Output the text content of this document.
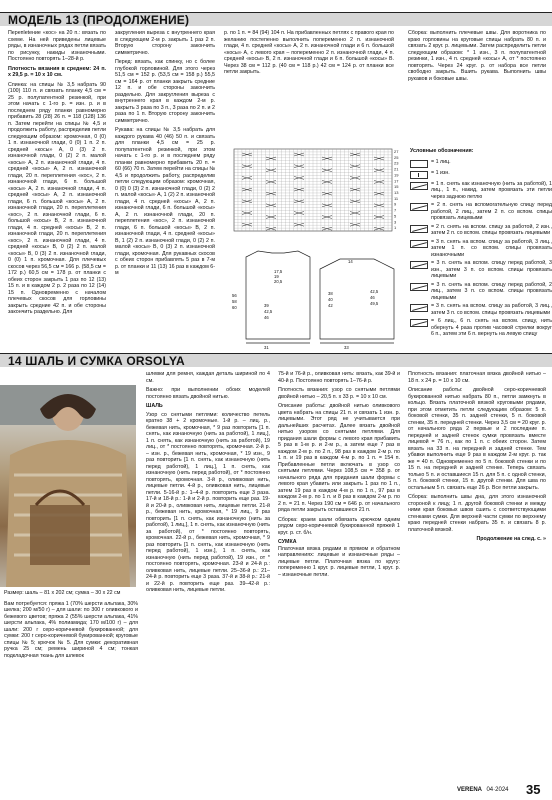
МОДЕЛЬ 13 (ПРОДОЛЖЕНИЕ)

Перепletение «кос» на 20 п.: вязать по схеме. На ней приведены лицевые ряды, в изнаночных рядах петли вязать по рисунку, накиды изнаночными. Постоянно повторять 1–28-й р.

Плотность вязания в среднем: 24 п. х 29,5 р. = 10 х 10 см.

Спинка: на спицы № 3,5 набрать 90 (100) 110 п. и связать планку 4,5 см = 25 р. полупатентной резинкой, при этом начать с 1-го р. = изн. р. и в последнем ряду планки равномерно прибавить 28 (28) 26 п. = 118 (128) 136 п. Затем перейти на спицы № 4,5 и продолжить работу, распределив петли следующим образом: кромочная, 0 (0) 1 п. изнаночной глади, 0 (0) 1 п. 2 п. средней «косы» А, 0 (3) 2 п. изнаночной глади, 0 (2) 2 п. малой «косы» А, 2 п. изнаночной глади, 4 п. средней «косы» А, 2 п. изнаночной глади, 20 п. переплетения «кос», 2 п. изнаночной глади, 6 п. большой «косы» А, 2 п. изнаночной глади, 4 п. средней «косы» А, 2 п. изнаночной глади, 6 п. большой «косы» А, 2 п. изнаночной глади, 20 п. переплетения «кос», 2 п. изнаночной глади, 6 п. большой «косы» В, 2 п. изнаночной глади, 4 п. средней «косы» В, 2 п. изнаночной глади, 20 п. переплетения «кос», 2 п. изнаночной глади, 4 п. средней «косы» В, 0 (2) 2 п. малой «косы» В, 0 (3) 2 п. изнаночной глади, 0 (0) 1 п. кромочная. Для плечевых скосов через 56,5 см = 166 р. (58,5 см = 172 р.) 60,5 см = 178 р. от планки с обеих сторон закрыть 1 раз по 12 (13) 15 п. и в каждом 2 р. 2 раза по 12 (14) 15 п. Одновременно с началом плечевых скосов для горловины закрыть средние 42 п. и обе стороны закончить раздельно. Для

закругления выреза с внутреннего края в следующем 2-м р. закрыть 1 раз 2 п. Вторую сторону закончить симметрично.

Перед: вязать, как спинку, но с более глубокой горловиной. Для этого через 51,5 см = 152 р. (53,5 см = 158 р.) 55,5 см = 164 р. от планки закрыть средние 12 п. и обе стороны закончить раздельно. Для закругления выреза с внутреннего края в каждом 2-м р. закрыть 3 раза по 3 п., 3 раза по 2 п. и 2 раза по 1 п. Вторую сторону закончить симметрично.

Рукава: на спицы № 3,5 набрать для каждого рукава 40 (46) 50 п. и связать для планки 4,5 см = 25 р. полупатентной резинкой, при этом начать с 1-го р. и в последнем ряду планки равномерно прибавить 20 п. = 60 (66) 70 п. Затем перейти на спицы № 4,5 и продолжить работу, распределив петли следующим образом: кромочная, 0 (0) 0 (3) 2 п. изнаночной глади, 0 (2) 2 п. малой «косы» А, 1 (2) 2 п. изнаночной глади, 4 п. средней «косы» А, 2 п. изнаночной глади, 6 п. большой «косы» А, 2 п. изнаночной глади, 20 п. переплетения «кос», 2 п. изнаночной глади, 6 п. большой «косы» В, 2 п. изнаночной глади, 4 п. средней «косы» В, 1 (2) 2 п. изнаночной глади, 0 (2) 2 п. малой «косы» В, 0 (3) 2 п. изнаночной глади, кромочная. Для рукавных скосов с обеих сторон прибавлять 5 раз в 7-м р. от планки и 11 (13) 16 раз в каждом 6-м

р. по 1 п. = 84 (94) 104 п. На прибавленных петлях с правого края по желанию постепенно выполнить попеременно 2 п. изнаночной глади, 4 п. средней «косы» А, 2 п. изнаночной глади и 6 п. большой «косы» А, с левого края – попеременно 2 п. изнаночной глади, 4 п. средней «косы» В, 2 п. изнаночной глади и 6 п. большой «косы» В. Через 38 см = 112 р. (40 см = 118 р.) 42 см = 124 р. от планки все петли закрыть.

Сборка: выполнить плечевые швы. Для воротника по краю горловины на круговые спицы набрать 80 п. и связать 2 круг. р. лицевыми. Затем распределить петли следующим образом: * 1 изн., 3 п. полупатентной резинки, 1 изн., 4 п. средней «косы» А, от * постоянно повторять. Через 24 круг. р. от набора все петли свободно закрыть. Вшить рукава. Выполнить швы рукавов и боковые швы.

27
25
23
21
19
17
15
13
11
9
7
5
3
1
17,5
19
20,5
56
58
60	39
42,5
46
14
38
40
42
42,5
46
49,5
31	33

Условные обозначения:

= 1 лиц.
= 1 изн.
= 1 п. снять как изнаночную (нить за работой), 1 лиц., 1 п., накид, затем провязать эти петли через заднюю петлю
= 2 п. снять на вспомогательную спицу перед работой, 2 лиц., затем 2 п. со вспом. спицы провязать лицевыми
= 2 п. снять на вспом. спицу за работой, 2 изн., затем 2 п. со вспом. спицы провязать лицевыми
= 3 п. снять на вспом. спицу за работой, 3 лиц., затем 1 п. со вспом. спицы провязать изнаночными
= 3 п. снять на вспом. спицу перед работой, 3 изн., затем 3 п. со вспом. спицы провязать лицевыми
= 3 п. снять на вспом. спицу перед работой, 2 лиц., затем 3 п. со вспом. спицы провязать лицевыми
= 3 п. снять на вспом. спицу за работой, 3 лиц., затем 3 п. со вспом. спицы провязать лицевыми
= 6 лиц., 6 п. снять на вспом. спицу, нить обернуть 4 раза против часовой стрелки вокруг 6 п., затем эти 6 п. вернуть на левую спицу
14 ШАЛЬ И СУМКА ORSOLYA

Размер: шаль – 81 х 202 см; сумка – 30 х 22 см

Вам потребуется: пряжа 1 (70% шерсти альпака, 30% шелка; 200 м/50 г) – для шали: по 300 г оливкового и бежевого цветов; пряжа 2 (55% шерсти альпака, 41% шерсти альпака, 4% полиамида; 170 м/100 г) – для шали: 200 г серо-коричневой букированной; для сумки: 200 г серо-коричневой букированной; круговые спицы № 5; крючок № 5. Для сумки: декоративная ручка 25 см; ремень шириной 4 см; тонкая подкладочная ткань для шлевок

шлевки для ремня, каждая деталь шириной по 4 см.

Важно: при выполнении обоих моделей постоянно вязать двойной нитью.

ШАЛЬ

Узор со снятыми петлями: количество петель кратно 38 + 2 кромочные. 1-й р. – лиц. р., бежевая нить, кромочная, * 9 раз повторить [1 п. снять, как изнаночную (нить за работой), 1 лиц.], 1 п. снять, как изнаночную (нить за работой), 19 лиц., от * постоянно повторять, кромочная. 2-й р. – изн. р., бежевая нить, кромочная, * 19 изн., 9 раз повторить [1 п. снять, как изнаночную (нить перед работой), 1 лиц.], 1 п. снять, как изнаночную (нить перед работой), от * постоянно повторять, кромочная. 3-й р., оливковая нить, лицевые петли. 4-й р., оливковая нить, лицевые петли. 5-16-й р.: 1–4-й р. повторить еще 3 раза. 17-й и 18-й р.: 1-й и 2-й р. повторить еще раз. 19-й и 20-й р., оливковая нить, лицевые петли. 21-й р., бежевая нить, кромочная, * 19 лиц., 9 раз повторить [1 п. снять, как изнаночную (нить за работой), 1 лиц.], 1 п. снять, как изнаночную (нить за работой), от * постоянно повторять, кромочная. 22-й р., бежевая нить, кромочная, * 9 раз повторить [1 п. снять, как изнаночную (нить перед работой), 1 изн.], 1 п. снять, как изнаночную (нить перед работой), 19 изн., от * постоянно повторять, кромочная. 23-й и 24-й р.: оливковая нить, лицевые петли. 25–36-й р.: 21–24-й р. повторить еще 3 раза. 37-й и 38-й р.: 21-й и 22-й р. повторить еще раз. 39–42-й р.: оливковая нить, лицевые петли.

75-й и 76-й р., оливковая нить: вязать, как 39-й и 40-й р. Постоянно повторять 1–76-й р.

Плотность вязания: узор со снятыми петлями двойной нитью – 20,5 п. х 33 р. = 10 х 10 см.

Описание работы: двойной нитью оливкового цвета набрать на спицы 21 п. и связать 1 изн. р. лицевыми. Этот ряд не учитывается при дальнейших расчетах. Далее вязать двойной нитью узором со снятыми петлями. Для придания шали формы с левого края прибавить 5 раз в 1-м р. и 2-м р., а затем еще 7 раз в каждом 2-м р. по 2 п., 98 раз в каждом 2-м р. по 1 п. и 19 раз в каждом 4-м р. по 1 п. = 154 п. Прибавленные петли включать в узор со снятыми петлями. Через 108,5 см = 358 р. от начального ряда для придания шали формы с левого края убавить или закрыть 1 раз по 1 п., затем 19 раз в каждом 4-м р. по 1 п., 97 раз в каждом 2-м р. по 1 п. и 8 раз в каждом 2-м р. по 2 п. = 21 п. Через 190 см = 646 р. от начального ряда петли закрыть оставшиеся 21 п.

Сборка: краем шали обвязать крючком одним рядом серо-коричневой букированной пряжей 1 круг. р. ст. б/н.

СУМКА

Платочная вязка рядами в прямом и обратном направлениях: лицевые и изнаночные ряды – лицевые петли. Платочная вязка по кругу: попеременно 1 круг. р. лицевые петли, 1 круг. р. – изнаночные петли.

Плотность вязания: платочная вязка двойной нитью – 18 п. х 24 р. = 10 х 10 см.

Описание работы: двойной серо-коричневой букированной нитью набрать 80 п., петли замкнуть в кольцо. Вязать платочной вязкой круговыми рядами, при этом отметить петли следующим образом: 5 п. боковой стенки, 35 п. задней стенки, 5 п. боковой стенки, 35 п. передней стенки. Через 3,5 см = 20 круг. р. от начального ряда 2 первые и 2 последние п. передней и задней стенок сумки провязать вместе лицевой = 76 п., как по 1 п. с обеих сторон. Затем вязать на 33 п. на передней и задней стенке. Тем убавки выполнить еще 9 раз в каждом 2-м круг. р. так же = 40 п. Одновременно по 5 п. боковой стенки и по 15 п. на передней и задней стенке. Теперь связать только 5 п. и оставшиеся 15 п. для 5 п. с одной стенки, 5 п. боковой стенки, 15 п. другой стенки. Для шва по остальным 5 п. связать еще 26 р. Все петли закрыть.

Сборка: выполнить швы дна, для этого изнаночной стороной к лицу, 1 п. другой боковой стенки и между ними края боковых швов сшить с соответствующими стенками сумки. Для верхней части сумки по верхнему краю передней стенки набрать 35 п. и связать 8 р. платочной вязкой.

Продолжение на след. с. »

VERENA 04·2024 35
